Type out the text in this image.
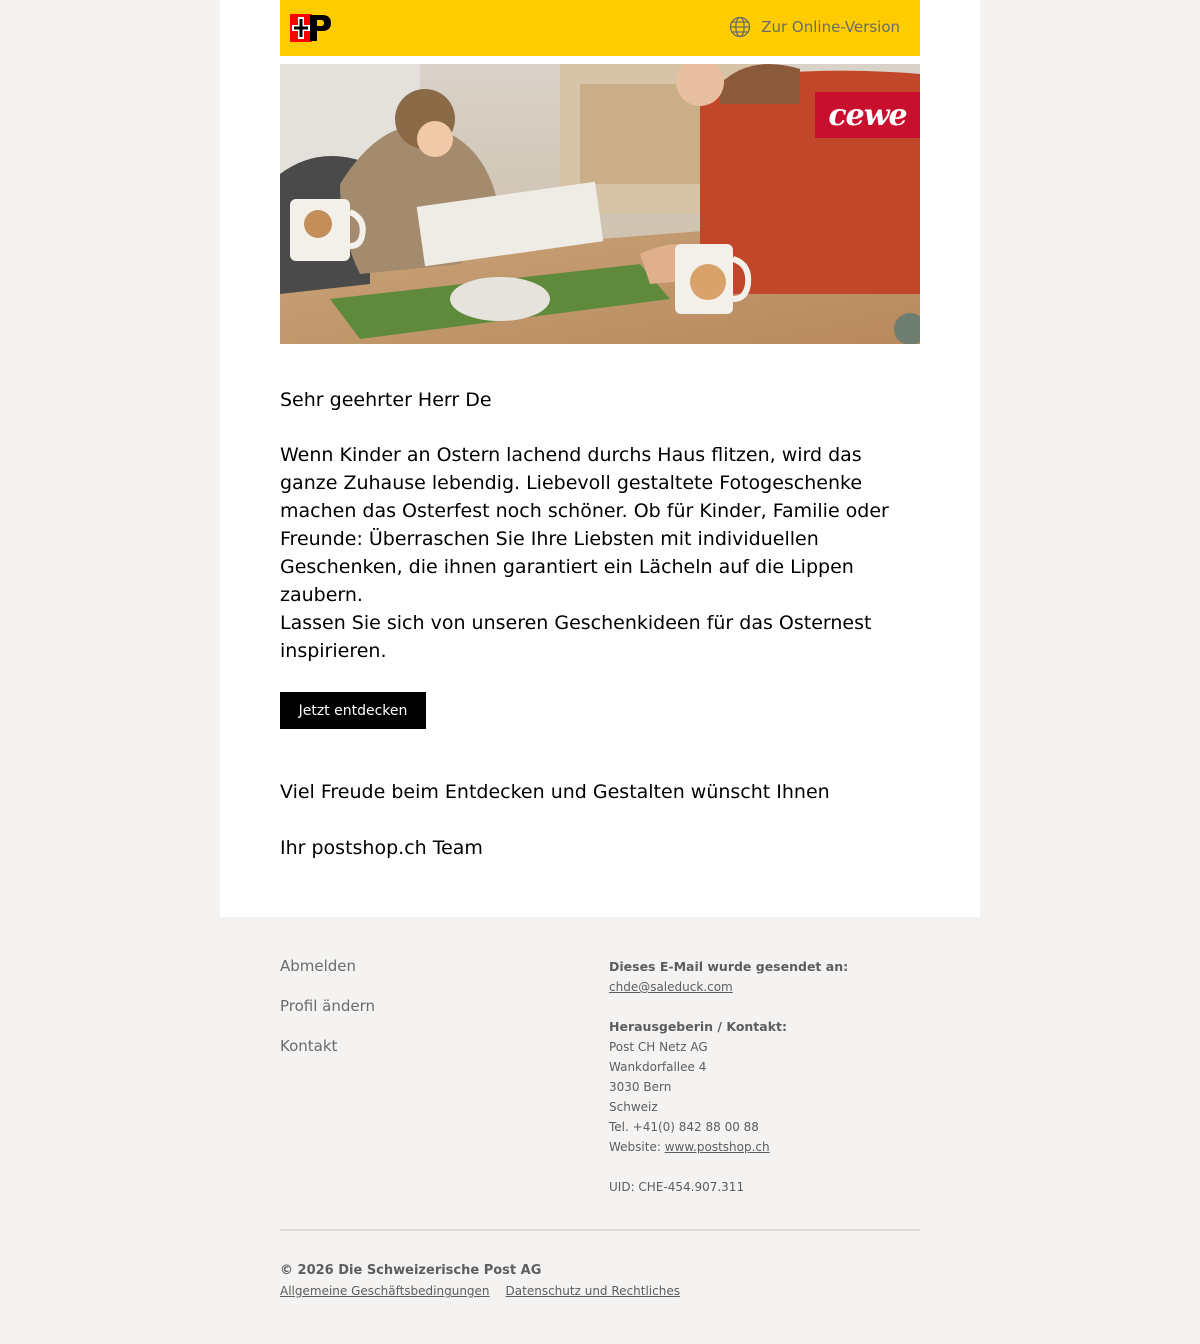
Zur Online-Version
cewe
Sehr geehrter Herr De
Wenn Kinder an Ostern lachend durchs Haus flitzen, wird das ganze Zuhause lebendig. Liebevoll gestaltete Fotogeschenke machen das Osterfest noch schöner. Ob für Kinder, Familie oder Freunde: Überraschen Sie Ihre Liebsten mit individuellen Geschenken, die ihnen garantiert ein Lächeln auf die Lippen zaubern.
Lassen Sie sich von unseren Geschenkideen für das Osternest inspirieren.
Jetzt entdecken
Viel Freude beim Entdecken und Gestalten wünscht Ihnen
Ihr postshop.ch Team
Abmelden
Profil ändern
Kontakt
Dieses E-Mail wurde gesendet an:
chde@saleduck.com
Herausgeberin / Kontakt:
Post CH Netz AG
Wankdorfallee 4
3030 Bern
Schweiz
Tel. +41(0) 842 88 00 88
Website: www.postshop.ch
UID: CHE-454.907.311
© 2026 Die Schweizerische Post AG
Allgemeine Geschäftsbedingungen Datenschutz und Rechtliches
